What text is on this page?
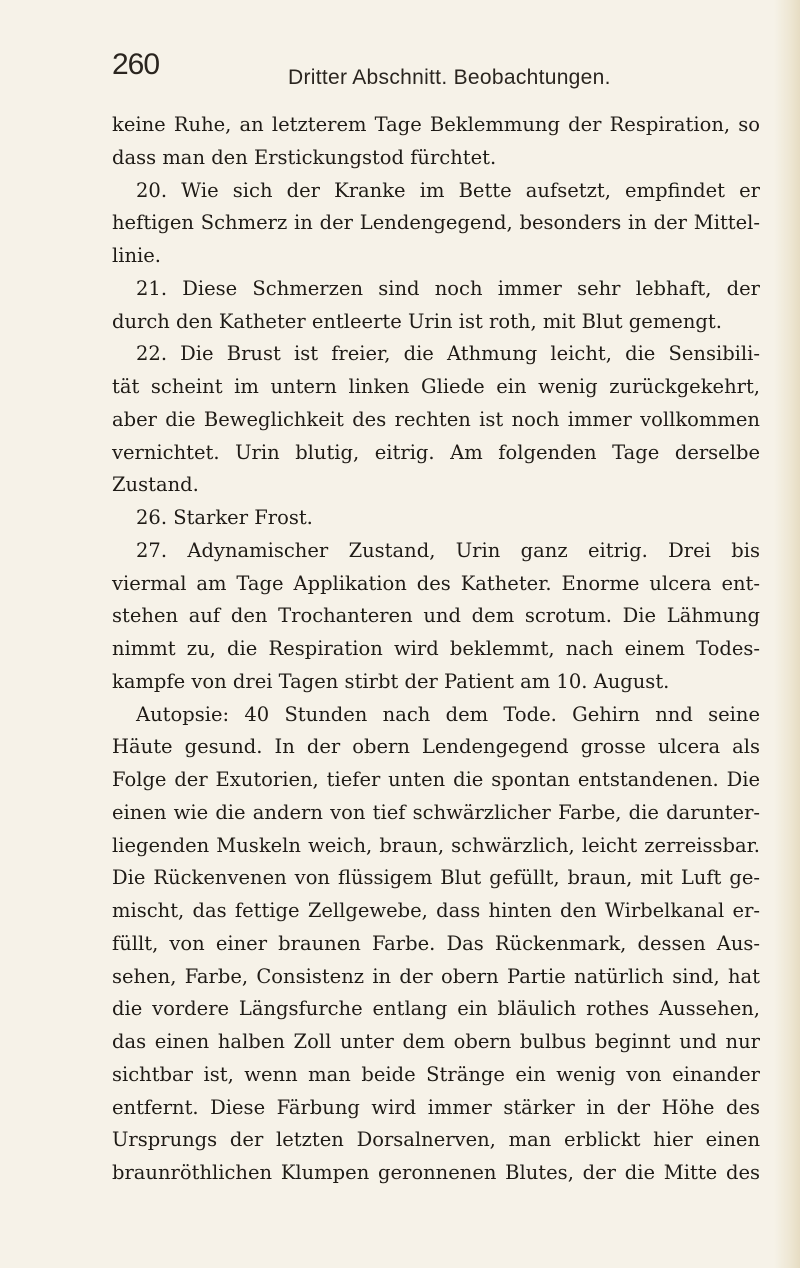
260	Dritter Abschnitt. Beobachtungen.
keine Ruhe, an letzterem Tage Beklemmung der Respiration, so
dass man den Erstickungstod fürchtet.
20. Wie sich der Kranke im Bette aufsetzt, empfindet er
heftigen Schmerz in der Lendengegend, besonders in der Mittel-
linie.
21. Diese Schmerzen sind noch immer sehr lebhaft, der
durch den Katheter entleerte Urin ist roth, mit Blut gemengt.
22. Die Brust ist freier, die Athmung leicht, die Sensibili-
tät scheint im untern linken Gliede ein wenig zurückgekehrt,
aber die Beweglichkeit des rechten ist noch immer vollkommen
vernichtet. Urin blutig, eitrig. Am folgenden Tage derselbe
Zustand.
26. Starker Frost.
27. Adynamischer Zustand, Urin ganz eitrig. Drei bis
viermal am Tage Applikation des Katheter. Enorme ulcera ent-
stehen auf den Trochanteren und dem scrotum. Die Lähmung
nimmt zu, die Respiration wird beklemmt, nach einem Todes-
kampfe von drei Tagen stirbt der Patient am 10. August.
Autopsie: 40 Stunden nach dem Tode. Gehirn nnd seine
Häute gesund. In der obern Lendengegend grosse ulcera als
Folge der Exutorien, tiefer unten die spontan entstandenen. Die
einen wie die andern von tief schwärzlicher Farbe, die darunter-
liegenden Muskeln weich, braun, schwärzlich, leicht zerreissbar.
Die Rückenvenen von flüssigem Blut gefüllt, braun, mit Luft ge-
mischt, das fettige Zellgewebe, dass hinten den Wirbelkanal er-
füllt, von einer braunen Farbe. Das Rückenmark, dessen Aus-
sehen, Farbe, Consistenz in der obern Partie natürlich sind, hat
die vordere Längsfurche entlang ein bläulich rothes Aussehen,
das einen halben Zoll unter dem obern bulbus beginnt und nur
sichtbar ist, wenn man beide Stränge ein wenig von einander
entfernt. Diese Färbung wird immer stärker in der Höhe des
Ursprungs der letzten Dorsalnerven, man erblickt hier einen
braunröthlichen Klumpen geronnenen Blutes, der die Mitte des
